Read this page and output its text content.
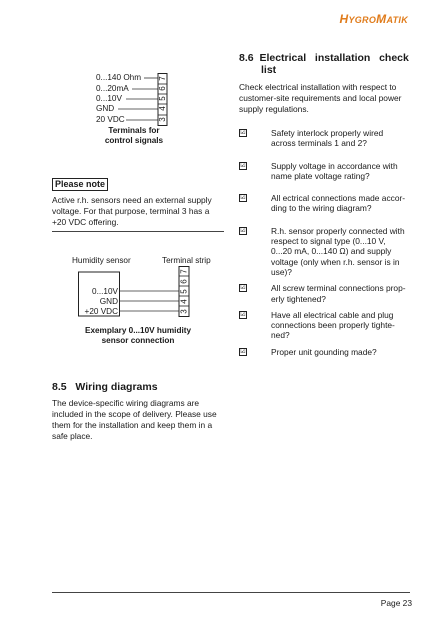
HYGROMATIK
0...140 Ohm
0...20mA
0...10V
GND
20 VDC
7
6
5
4
3
Terminals for
control signals
Please note
Active r.h. sensors need an external supply
voltage. For that purpose, terminal 3 has a
+20 VDC offering.
Humidity sensor	Terminal strip
0...10V
GND
+20 VDC
7
6
5
4
3
Exemplary 0...10V humidity
sensor connection
8.5 Wiring diagrams
The device-specific wiring diagrams are
included in the scope of delivery. Please use
them for the installation and keep them in a
safe place.
8.6 Electrical   installation   check
list
Check electrical installation with respect to
customer-site requirements and local power
supply regulations.
☑	Safety interlock properly wired
across terminals 1 and 2?
☑	Supply voltage in accordance with
name plate voltage rating?
☑	All ectrical connections made accor-
ding to the wiring diagram?
☑	R.h. sensor properly connected with
respect to signal type (0...10 V,
0...20 mA, 0...140 Ω) and supply
voltage (only when r.h. sensor is in
use)?
☑	All screw terminal connections prop-
erly tightened?
☑	Have all electrical cable and plug
connections been properly tighte-
ned?
☑	Proper unit gounding made?
Page 23
